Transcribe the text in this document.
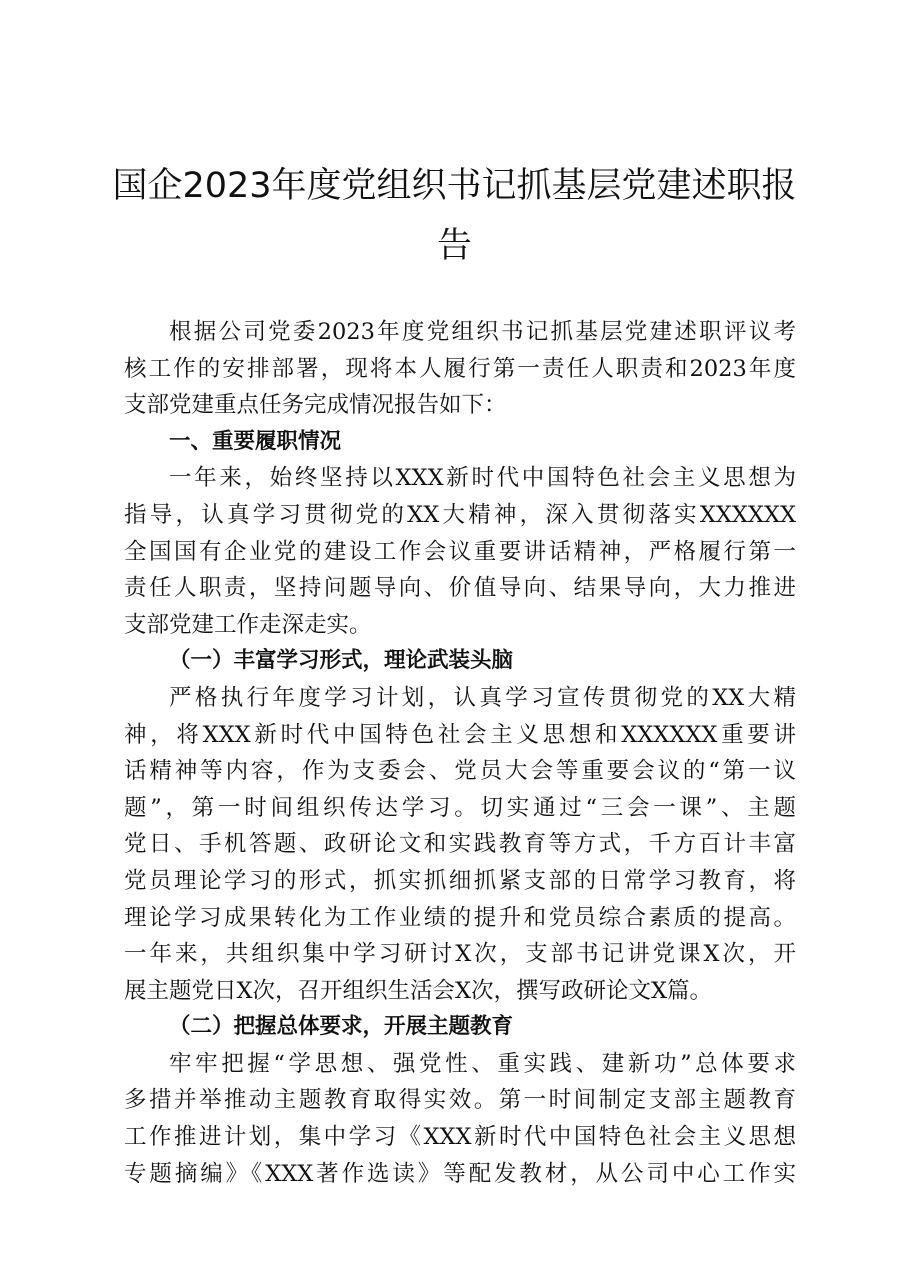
国企2023年度党组织书记抓基层党建述职报
告
根据公司党委2023年度党组织书记抓基层党建述职评议考
核工作的安排部署，现将本人履行第一责任人职责和2023年度
支部党建重点任务完成情况报告如下：
一、重要履职情况
一年来，始终坚持以XXX新时代中国特色社会主义思想为
指导，认真学习贯彻党的XX大精神，深入贯彻落实XXXXXX
全国国有企业党的建设工作会议重要讲话精神，严格履行第一
责任人职责，坚持问题导向、价值导向、结果导向，大力推进
支部党建工作走深走实。
（一）丰富学习形式，理论武装头脑
严格执行年度学习计划，认真学习宣传贯彻党的XX大精
神，将XXX新时代中国特色社会主义思想和XXXXXX重要讲
话精神等内容，作为支委会、党员大会等重要会议的“第一议
题”，第一时间组织传达学习。切实通过“三会一课”、主题
党日、手机答题、政研论文和实践教育等方式，千方百计丰富
党员理论学习的形式，抓实抓细抓紧支部的日常学习教育，将
理论学习成果转化为工作业绩的提升和党员综合素质的提高。
一年来，共组织集中学习研讨X次，支部书记讲党课X次，开
展主题党日X次，召开组织生活会X次，撰写政研论文X篇。
（二）把握总体要求，开展主题教育
牢牢把握“学思想、强党性、重实践、建新功”总体要求
多措并举推动主题教育取得实效。第一时间制定支部主题教育
工作推进计划，集中学习《XXX新时代中国特色社会主义思想
专题摘编》《XXX著作选读》等配发教材，从公司中心工作实
